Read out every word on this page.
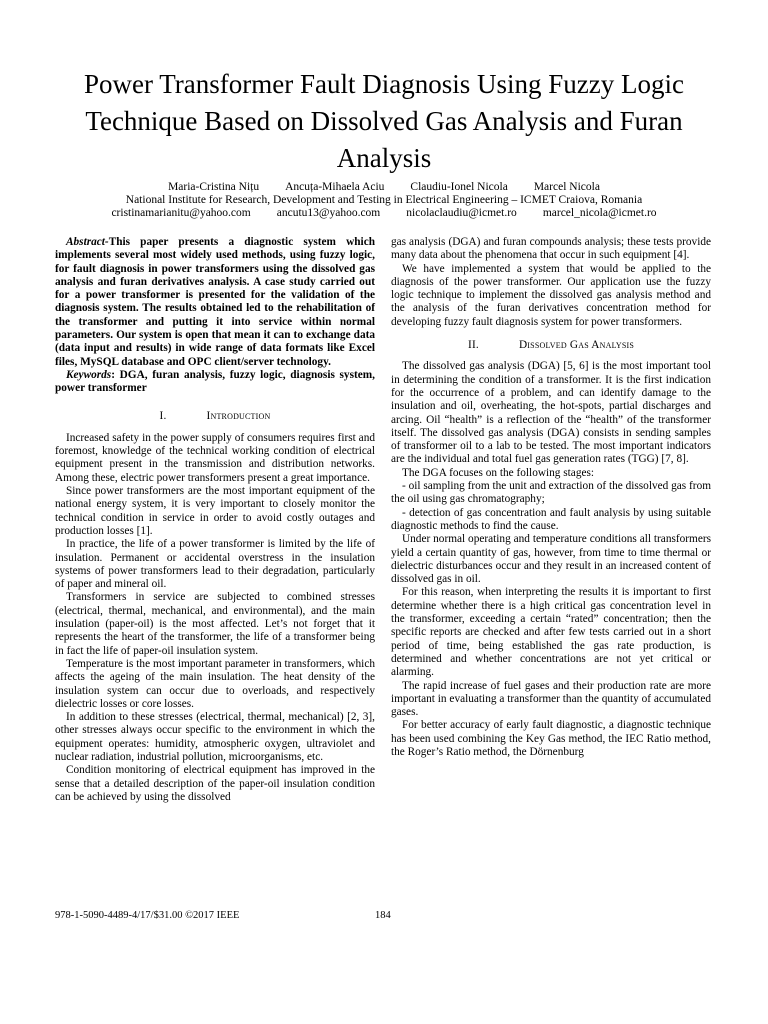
Power Transformer Fault Diagnosis Using Fuzzy Logic Technique Based on Dissolved Gas Analysis and Furan Analysis
Maria-Cristina Nițu Ancuța-Mihaela Aciu Claudiu-Ionel Nicola Marcel Nicola
National Institute for Research, Development and Testing in Electrical Engineering – ICMET Craiova, Romania
cristinamarianitu@yahoo.com ancutu13@yahoo.com nicolaclaudiu@icmet.ro marcel_nicola@icmet.ro

Abstract-This paper presents a diagnostic system which implements several most widely used methods, using fuzzy logic, for fault diagnosis in power transformers using the dissolved gas analysis and furan derivatives analysis. A case study carried out for a power transformer is presented for the validation of the diagnosis system. The results obtained led to the rehabilitation of the transformer and putting it into service within normal parameters. Our system is open that mean it can to exchange data (data input and results) in wide range of data formats like Excel files, MySQL database and OPC client/server technology.

Keywords: DGA, furan analysis, fuzzy logic, diagnosis system, power transformer

I.	Introduction

Increased safety in the power supply of consumers requires first and foremost, knowledge of the technical working condition of electrical equipment present in the transmission and distribution networks. Among these, electric power transformers present a great importance.

Since power transformers are the most important equipment of the national energy system, it is very important to closely monitor the technical condition in service in order to avoid costly outages and production losses [1].

In practice, the life of a power transformer is limited by the life of insulation. Permanent or accidental overstress in the insulation systems of power transformers lead to their degradation, particularly of paper and mineral oil.

Transformers in service are subjected to combined stresses (electrical, thermal, mechanical, and environmental), and the main insulation (paper-oil) is the most affected. Let’s not forget that it represents the heart of the transformer, the life of a transformer being in fact the life of paper-oil insulation system.

Temperature is the most important parameter in transformers, which affects the ageing of the main insulation. The heat density of the insulation system can occur due to overloads, and respectively dielectric losses or core losses.

In addition to these stresses (electrical, thermal, mechanical) [2, 3], other stresses always occur specific to the environment in which the equipment operates: humidity, atmospheric oxygen, ultraviolet and nuclear radiation, industrial pollution, microorganisms, etc.

Condition monitoring of electrical equipment has improved in the sense that a detailed description of the paper-oil insulation condition can be achieved by using the dissolved

gas analysis (DGA) and furan compounds analysis; these tests provide many data about the phenomena that occur in such equipment [4].

We have implemented a system that would be applied to the diagnosis of the power transformer. Our application use the fuzzy logic technique to implement the dissolved gas analysis method and the analysis of the furan derivatives concentration method for developing fuzzy fault diagnosis system for power transformers.

II.	Dissolved Gas Analysis

The dissolved gas analysis (DGA) [5, 6] is the most important tool in determining the condition of a transformer. It is the first indication for the occurrence of a problem, and can identify damage to the insulation and oil, overheating, the hot-spots, partial discharges and arcing. Oil “health” is a reflection of the “health” of the transformer itself. The dissolved gas analysis (DGA) consists in sending samples of transformer oil to a lab to be tested. The most important indicators are the individual and total fuel gas generation rates (TGG) [7, 8].

The DGA focuses on the following stages:

- oil sampling from the unit and extraction of the dissolved gas from the oil using gas chromatography;

- detection of gas concentration and fault analysis by using suitable diagnostic methods to find the cause.

Under normal operating and temperature conditions all transformers yield a certain quantity of gas, however, from time to time thermal or dielectric disturbances occur and they result in an increased content of dissolved gas in oil.

For this reason, when interpreting the results it is important to first determine whether there is a high critical gas concentration level in the transformer, exceeding a certain “rated” concentration; then the specific reports are checked and after few tests carried out in a short period of time, being established the gas rate production, is determined and whether concentrations are not yet critical or alarming.

The rapid increase of fuel gases and their production rate are more important in evaluating a transformer than the quantity of accumulated gases.

For better accuracy of early fault diagnostic, a diagnostic technique has been used combining the Key Gas method, the IEC Ratio method, the Roger’s Ratio method, the Dörnenburg

978-1-5090-4489-4/17/$31.00 ©2017 IEEE	184
